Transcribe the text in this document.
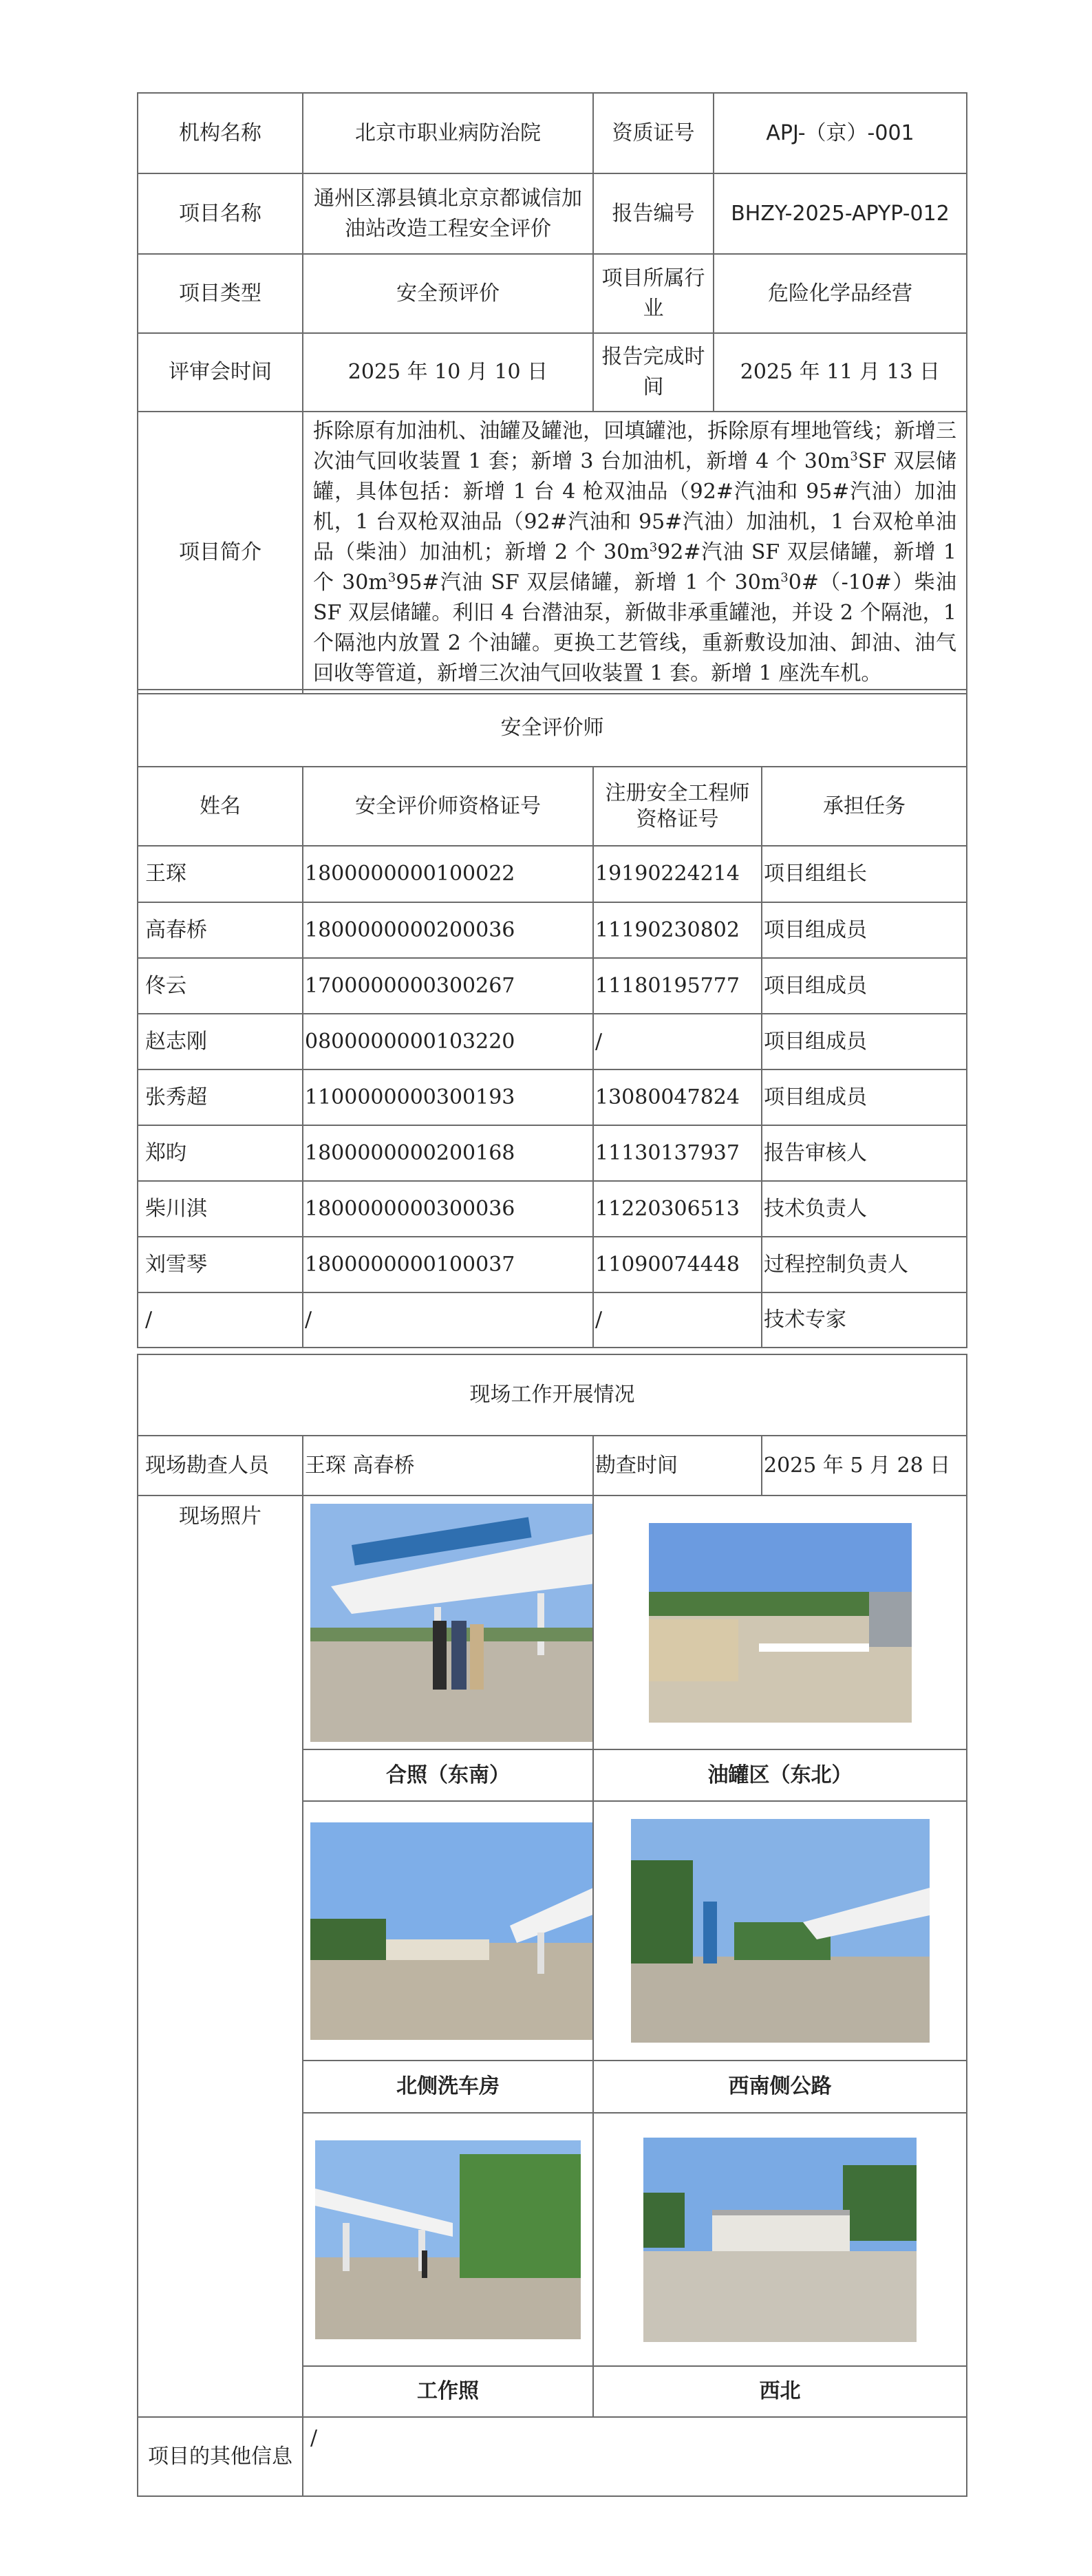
机构名称	北京市职业病防治院	资质证号	APJ-（京）-001
项目名称	通州区漷县镇北京京都诚信加油站改造工程安全评价	报告编号	BHZY-2025-APYP-012
项目类型	安全预评价	项目所属行业	危险化学品经营
评审会时间	2025 年 10 月 10 日	报告完成时间	2025 年 11 月 13 日
项目简介	拆除原有加油机、油罐及罐池，回填罐池，拆除原有埋地管线；新增三次油气回收装置 1 套；新增 3 台加油机，新增 4 个 $30m^3SF$ 双层储罐，具体包括：新增 1 台 4 枪双油品（92#汽油和 95#汽油）加油机，1 台双枪双油品（92#汽油和 95#汽油）加油机，1 台双枪单油品（柴油）加油机；新增 2 个 $30m^392\#$汽油 SF 双层储罐，新增 1 个 $30m^395\#$汽油 SF 双层储罐，新增 1 个 $30m^30\#(-10\#)$柴油 SF 双层储罐。利旧 4 台潜油泵，新做非承重罐池，并设 2 个隔池，1 个隔池内放置 2 个油罐。更换工艺管线，重新敷设加油、卸油、油气回收等管道，新增三次油气回收装置 1 套。新增 1 座洗车机。		
安全评价师			
姓名	安全评价师资格证号	注册安全工程师资格证号	承担任务
王琛	1800000000100022	19190224214	项目组组长
高春桥	1800000000200036	11190230802	项目组成员
佟云	1700000000300267	11180195777	项目组成员
赵志刚	0800000000103220	/	项目组成员
张秀超	1100000000300193	13080047824	项目组成员
郑昀	1800000000200168	11130137937	报告审核人
柴川淇	1800000000300036	11220306513	技术负责人
刘雪琴	1800000000100037	11090074448	过程控制负责人
/	/	/	技术专家
现场工作开展情况			
现场勘查人员	王琛 高春桥	勘查时间	2025 年 5 月 28 日
现场照片	

	合照（东南）	油罐区（东北）	

	北侧洗车房	西南侧公路	

	工作照	西北	
项目的其他信息	/		
